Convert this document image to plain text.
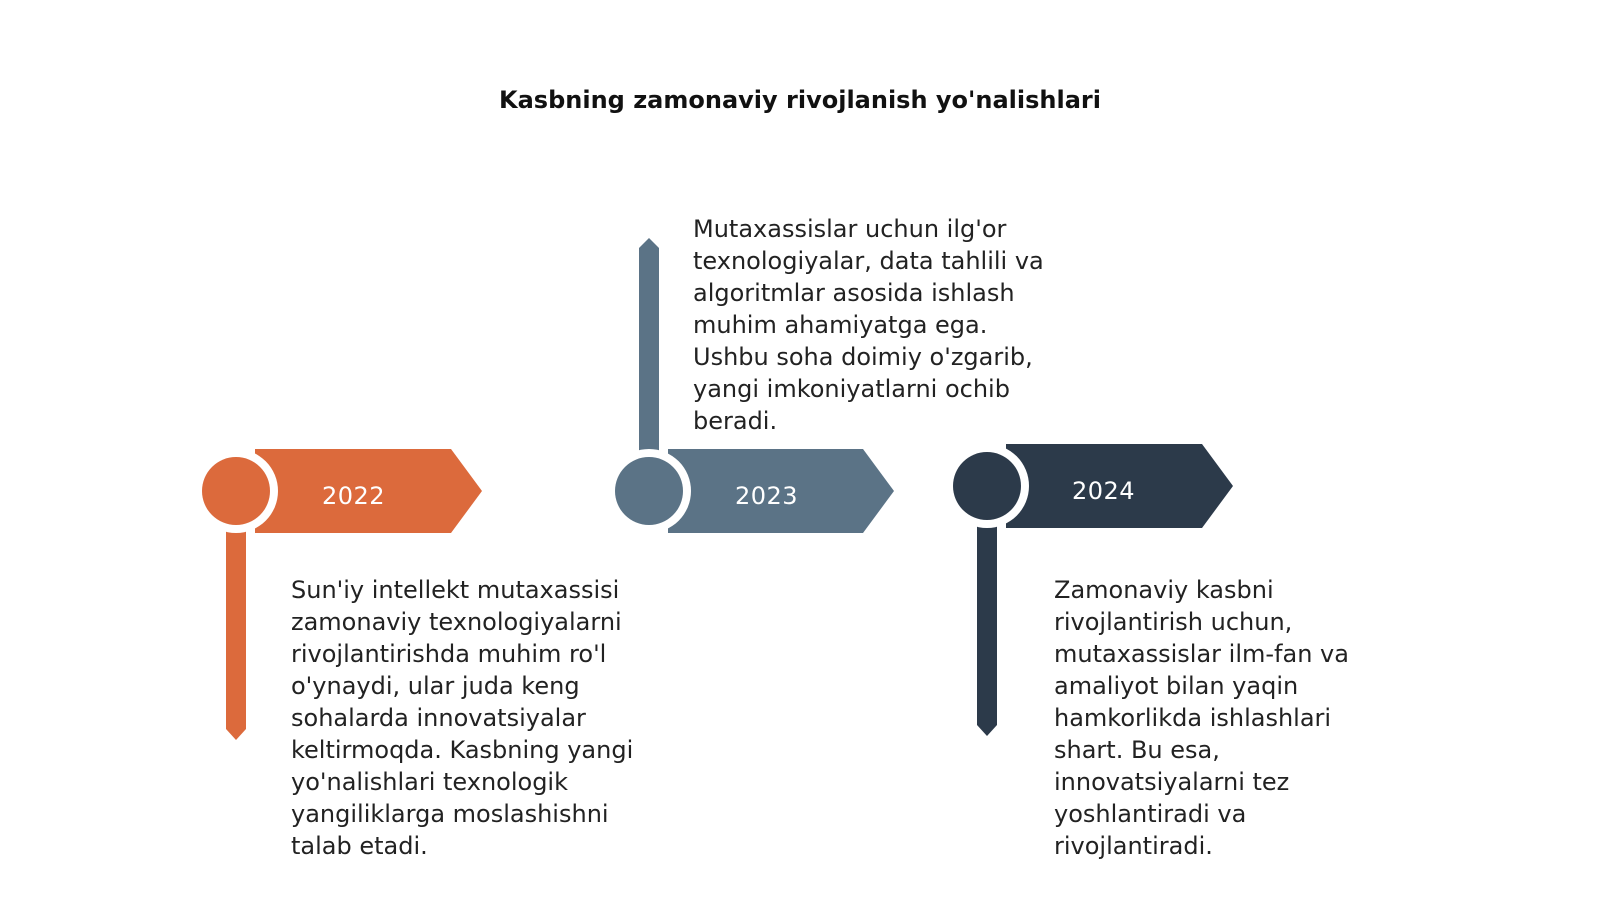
Kasbning zamonaviy rivojlanish yo'nalishlari
2022	2023	2024
Sun'iy intellekt mutaxassisi zamonaviy texnologiyalarni rivojlantirishda muhim ro'l o'ynaydi, ular juda keng sohalarda innovatsiyalar keltirmoqda. Kasbning yangi yo'nalishlari texnologik yangiliklarga moslashishni talab etadi.
Mutaxassislar uchun ilg'or texnologiyalar, data tahlili va algoritmlar asosida ishlash muhim ahamiyatga ega. Ushbu soha doimiy o'zgarib, yangi imkoniyatlarni ochib beradi.
Zamonaviy kasbni rivojlantirish uchun, mutaxassislar ilm-fan va amaliyot bilan yaqin hamkorlikda ishlashlari shart. Bu esa, innovatsiyalarni tez yoshlantiradi va rivojlantiradi.
